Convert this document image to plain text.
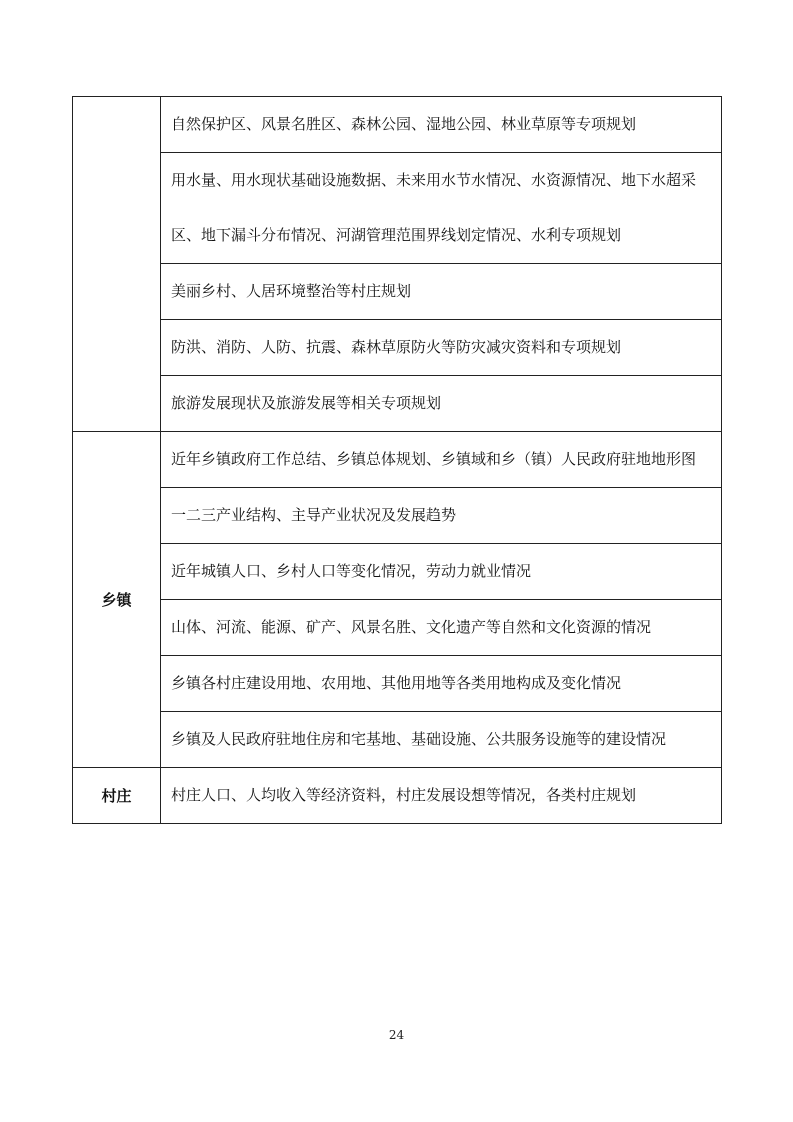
	自然保护区、风景名胜区、森林公园、湿地公园、林业草原等专项规划
	用水量、用水现状基础设施数据、未来用水节水情况、水资源情况、地下水超采区、地下漏斗分布情况、河湖管理范围界线划定情况、水利专项规划
	美丽乡村、人居环境整治等村庄规划
	防洪、消防、人防、抗震、森林草原防火等防灾减灾资料和专项规划
	旅游发展现状及旅游发展等相关专项规划
乡镇	近年乡镇政府工作总结、乡镇总体规划、乡镇域和乡（镇）人民政府驻地地形图
	一二三产业结构、主导产业状况及发展趋势
	近年城镇人口、乡村人口等变化情况，劳动力就业情况
	山体、河流、能源、矿产、风景名胜、文化遗产等自然和文化资源的情况
	乡镇各村庄建设用地、农用地、其他用地等各类用地构成及变化情况
	乡镇及人民政府驻地住房和宅基地、基础设施、公共服务设施等的建设情况
村庄	村庄人口、人均收入等经济资料，村庄发展设想等情况，各类村庄规划
24
